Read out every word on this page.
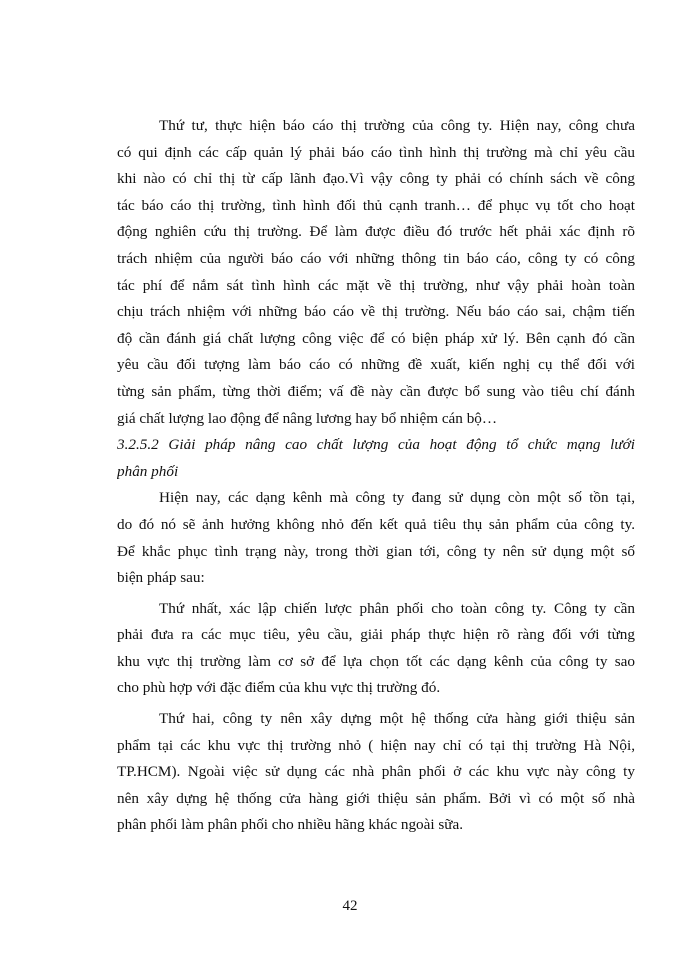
Thứ tư, thực hiện báo cáo thị trường của công ty. Hiện nay, công chưa
có qui định các cấp quản lý phải báo cáo tình hình thị trường mà chỉ yêu cầu
khi nào có chỉ thị từ cấp lãnh đạo.Vì vậy công ty phải có chính sách về công
tác báo cáo thị trường, tình hình đối thủ cạnh tranh… để phục vụ tốt cho hoạt
động nghiên cứu thị trường. Để làm được điều đó trước hết phải xác định rõ
trách nhiệm của người báo cáo với những thông tin báo cáo, công ty có công
tác phí để nắm sát tình hình các mặt về thị trường, như vậy phải hoàn toàn
chịu trách nhiệm với những báo cáo về thị trường. Nếu báo cáo sai, chậm tiến
độ cần đánh giá chất lượng công việc để có biện pháp xử lý. Bên cạnh đó cần
yêu cầu đối tượng làm báo cáo có những đề xuất, kiến nghị cụ thể đối với
từng sản phẩm, từng thời điểm; vấ đề này cần được bổ sung vào tiêu chí đánh
giá chất lượng lao động để nâng lương hay bổ nhiệm cán bộ…
3.2.5.2 Giải pháp nâng cao chất lượng của hoạt động tổ chức mạng lưới
phân phối
Hiện nay, các dạng kênh mà công ty đang sử dụng còn một số tồn tại,
do đó nó sẽ ảnh hưởng không nhỏ đến kết quả tiêu thụ sản phẩm của công ty.
Để khắc phục tình trạng này, trong thời gian tới, công ty nên sử dụng một số
biện pháp sau:
Thứ nhất, xác lập chiến lược phân phối cho toàn công ty. Công ty cần
phải đưa ra các mục tiêu, yêu cầu, giải pháp thực hiện rõ ràng đối với từng
khu vực thị trường làm cơ sở để lựa chọn tốt các dạng kênh của công ty sao
cho phù hợp với đặc điểm của khu vực thị trường đó.
Thứ hai, công ty nên xây dựng một hệ thống cửa hàng giới thiệu sản
phẩm tại các khu vực thị trường nhỏ ( hiện nay chỉ có tại thị trường Hà Nội,
TP.HCM). Ngoài việc sử dụng các nhà phân phối ở các khu vực này công ty
nên xây dựng hệ thống cửa hàng giới thiệu sản phẩm. Bởi vì có một số nhà
phân phối làm phân phối cho nhiều hãng khác ngoài sữa.
42
